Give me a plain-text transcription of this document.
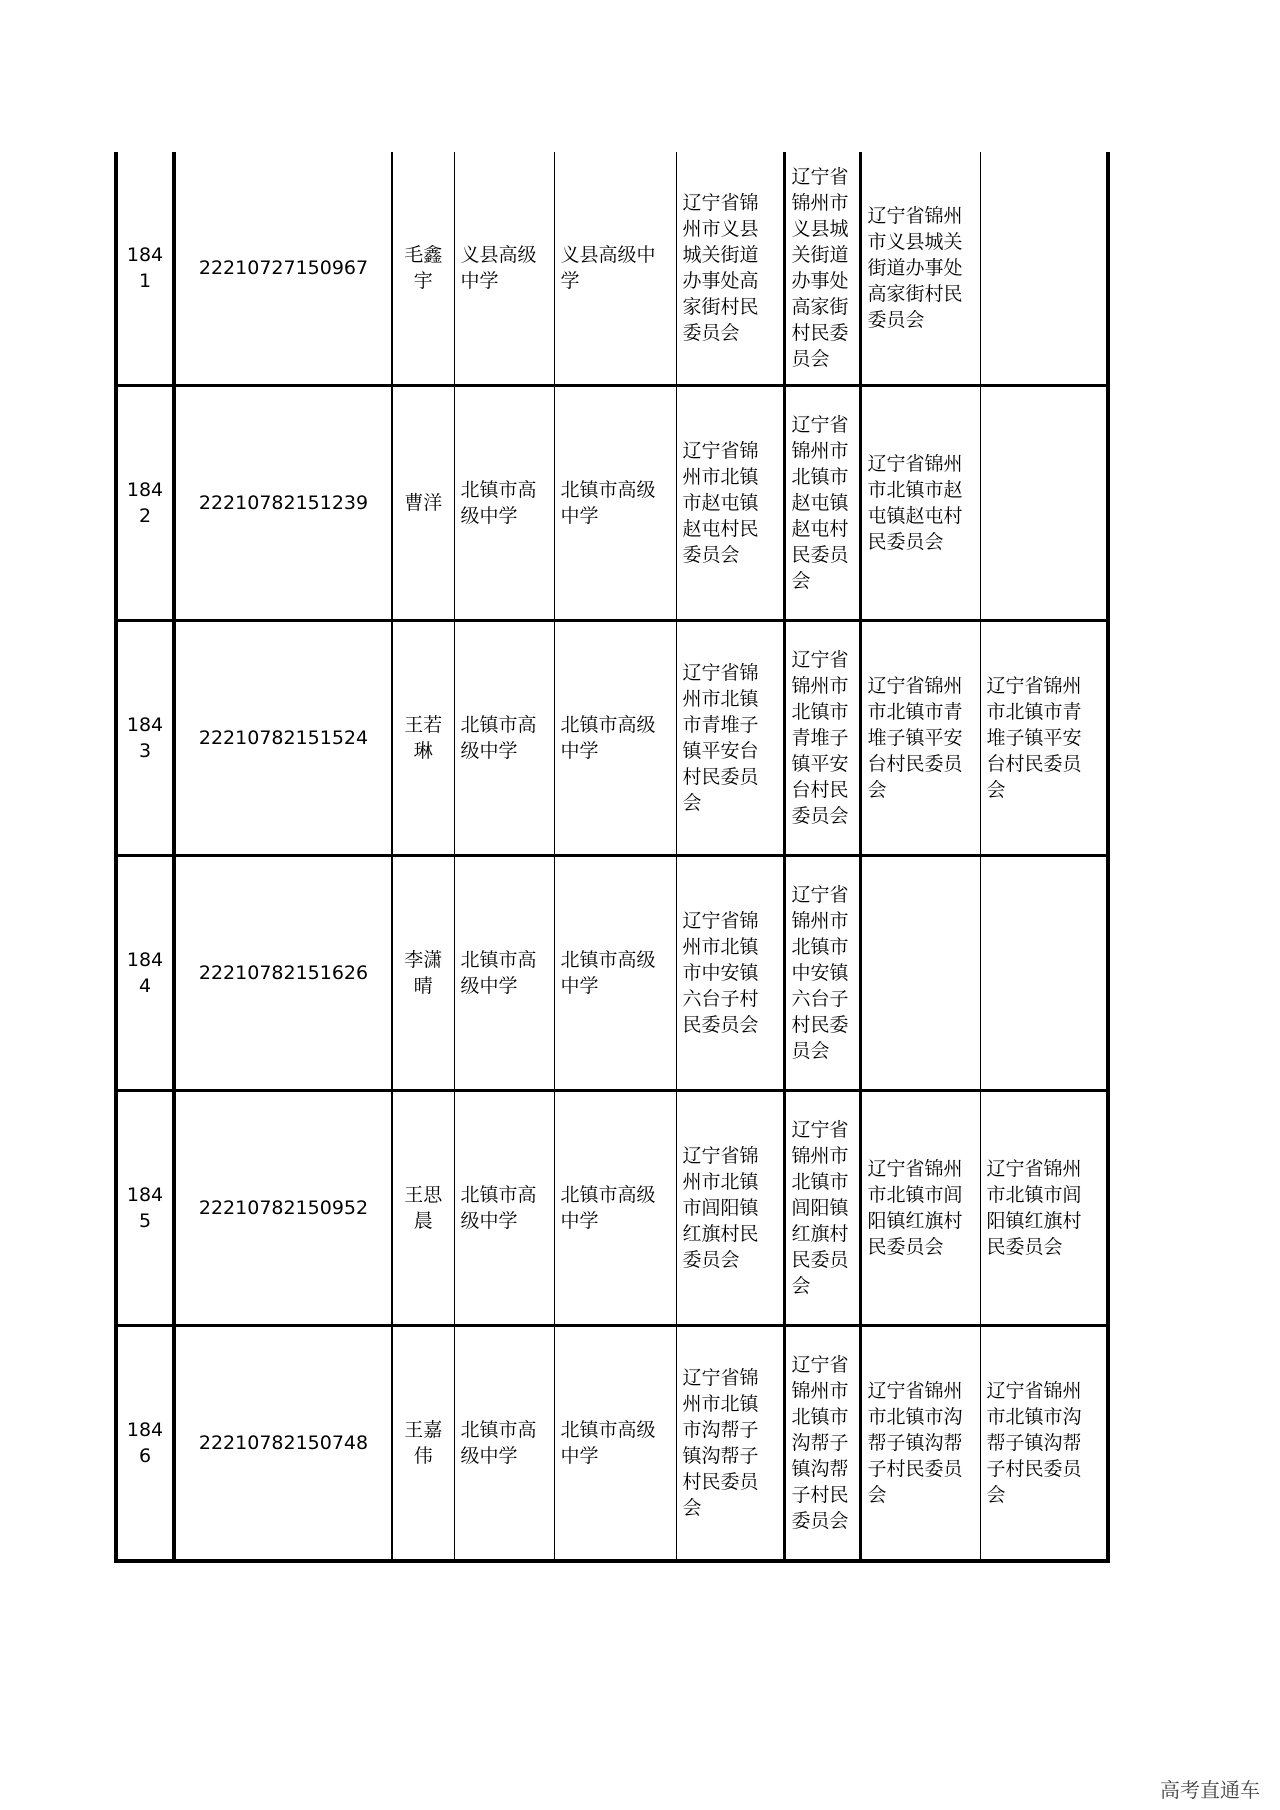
1841	22210727150967	毛鑫宇	义县高级中学	义县高级中学	辽宁省锦州市义县城关街道办事处高家街村民委员会	辽宁省锦州市义县城关街道办事处高家街村民委员会	辽宁省锦州市义县城关街道办事处高家街村民委员会	
1842	22210782151239	曹洋	北镇市高级中学	北镇市高级中学	辽宁省锦州市北镇市赵屯镇赵屯村民委员会	辽宁省锦州市北镇市赵屯镇赵屯村民委员会	辽宁省锦州市北镇市赵屯镇赵屯村民委员会	
1843	22210782151524	王若琳	北镇市高级中学	北镇市高级中学	辽宁省锦州市北镇市青堆子镇平安台村民委员会	辽宁省锦州市北镇市青堆子镇平安台村民委员会	辽宁省锦州市北镇市青堆子镇平安台村民委员会	辽宁省锦州市北镇市青堆子镇平安台村民委员会
1844	22210782151626	李潇晴	北镇市高级中学	北镇市高级中学	辽宁省锦州市北镇市中安镇六台子村民委员会	辽宁省锦州市北镇市中安镇六台子村民委员会		
1845	22210782150952	王思晨	北镇市高级中学	北镇市高级中学	辽宁省锦州市北镇市闾阳镇红旗村民委员会	辽宁省锦州市北镇市闾阳镇红旗村民委员会	辽宁省锦州市北镇市闾阳镇红旗村民委员会	辽宁省锦州市北镇市闾阳镇红旗村民委员会
1846	22210782150748	王嘉伟	北镇市高级中学	北镇市高级中学	辽宁省锦州市北镇市沟帮子镇沟帮子村民委员会	辽宁省锦州市北镇市沟帮子镇沟帮子村民委员会	辽宁省锦州市北镇市沟帮子镇沟帮子村民委员会	辽宁省锦州市北镇市沟帮子镇沟帮子村民委员会
高考直通车
